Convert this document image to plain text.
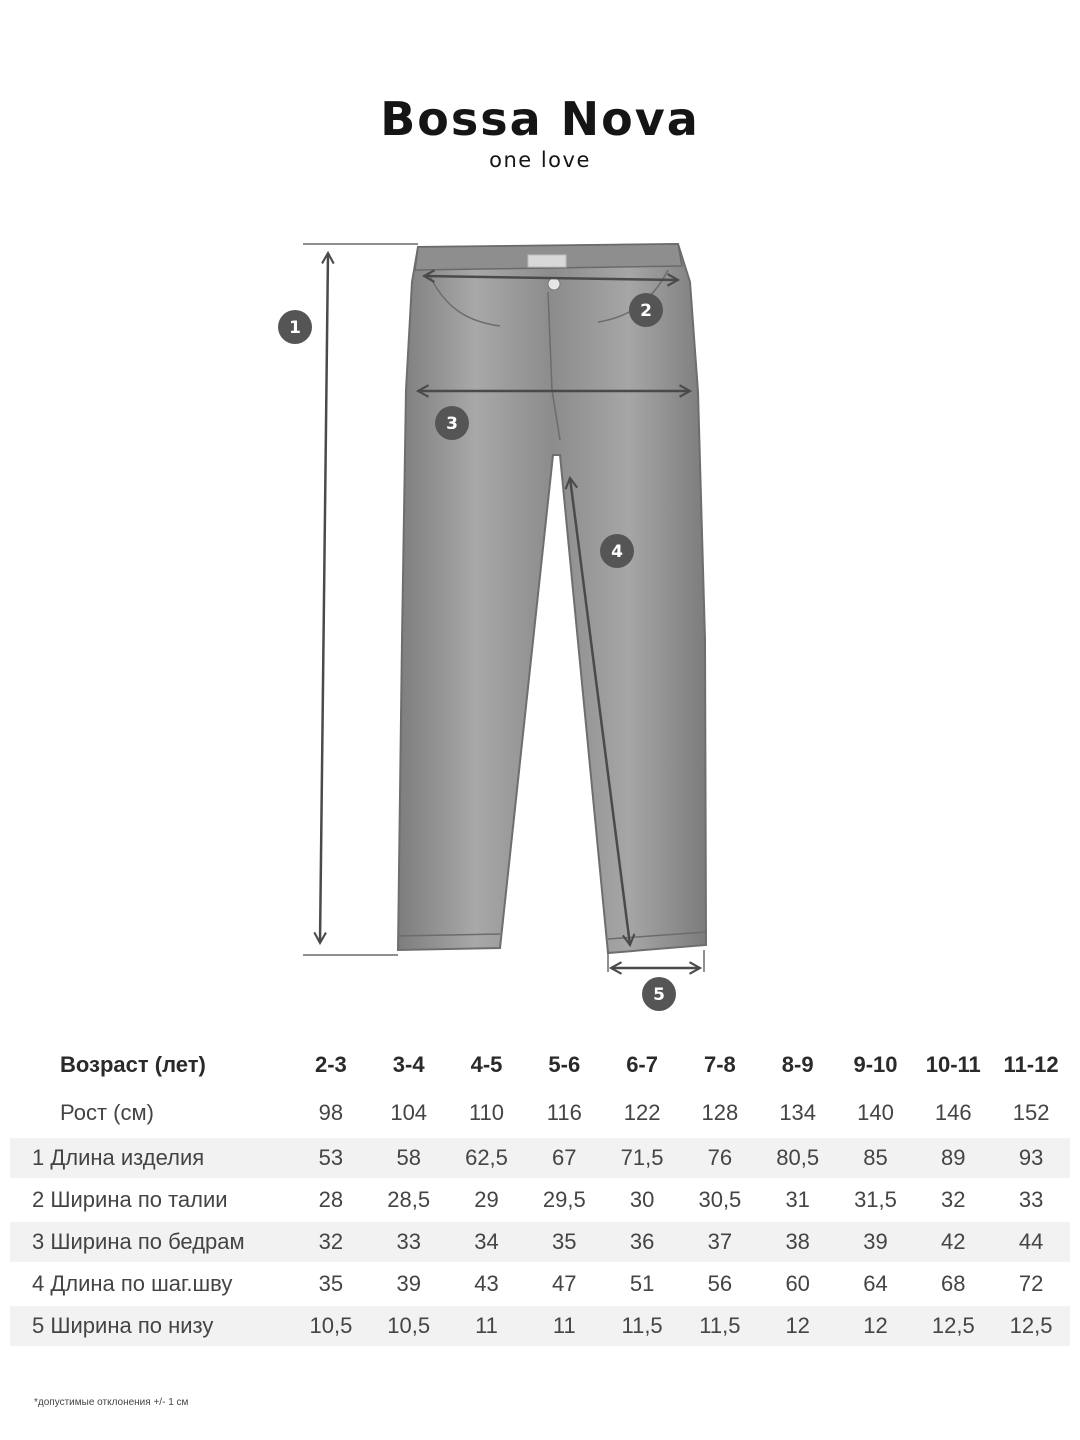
Bossa Nova
one love
1
2
3
4
5
Возраст (лет)	2-3	3-4	4-5	5-6	6-7	7-8	8-9	9-10	10-11	11-12
Рост (см)	98	104	110	116	122	128	134	140	146	152
1 Длина изделия	53	58	62,5	67	71,5	76	80,5	85	89	93
2 Ширина по талии	28	28,5	29	29,5	30	30,5	31	31,5	32	33
3 Ширина по бедрам	32	33	34	35	36	37	38	39	42	44
4 Длина по шаг.шву	35	39	43	47	51	56	60	64	68	72
5 Ширина по низу	10,5	10,5	11	11	11,5	11,5	12	12	12,5	12,5
*допустимые отклонения +/- 1 см
